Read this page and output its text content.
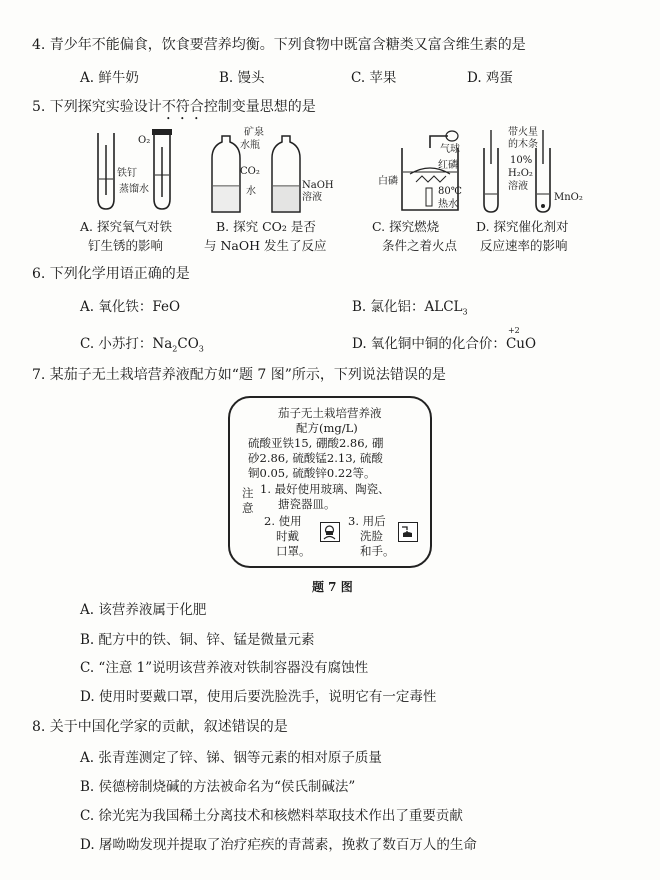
4. 青少年不能偏食，饮食要营养均衡。下列食物中既富含糖类又富含维生素的是
A. 鲜牛奶	B. 馒头	C. 苹果	D. 鸡蛋
5. 下列探究实验设计不符合控制变量思想的是
O₂
铁钉
蒸馏水
A. 探究氧气对铁
钉生锈的影响
矿泉
水瓶
CO₂
水
NaOH
溶液
B. 探究 CO₂ 是否
与 NaOH 发生了反应
气球
红磷
白磷
80℃
热水
C. 探究燃烧
条件之着火点
带火星
的木条
10%
H₂O₂
溶液
MnO₂
D. 探究催化剂对
反应速率的影响
6. 下列化学用语正确的是
A. 氧化铁：FeO	B. 氯化铝：$ALCL_3$
C. 小苏打：$Na_2CO_3$	D. 氧化铜中铜的化合价：
+2
CuO
7. 某茄子无土栽培营养液配方如“题 7 图”所示，下列说法错误的是
茄子无土栽培营养液
配方(mg/L)
硫酸亚铁15, 硼酸2.86, 硼
砂2.86, 硫酸锰2.13, 硫酸
铜0.05, 硫酸锌0.22等。
注
意
1. 最好使用玻璃、陶瓷、
搪瓷器皿。
2. 使用
时戴
口罩。
3. 用后
洗脸
和手。
题 7 图
A. 该营养液属于化肥
B. 配方中的铁、铜、锌、锰是微量元素
C. “注意 1”说明该营养液对铁制容器没有腐蚀性
D. 使用时要戴口罩，使用后要洗脸洗手，说明它有一定毒性
8. 关于中国化学家的贡献，叙述错误的是
A. 张青莲测定了锌、锑、铟等元素的相对原子质量
B. 侯德榜制烧碱的方法被命名为“侯氏制碱法”
C. 徐光宪为我国稀土分离技术和核燃料萃取技术作出了重要贡献
D. 屠呦呦发现并提取了治疗疟疾的青蒿素，挽救了数百万人的生命
